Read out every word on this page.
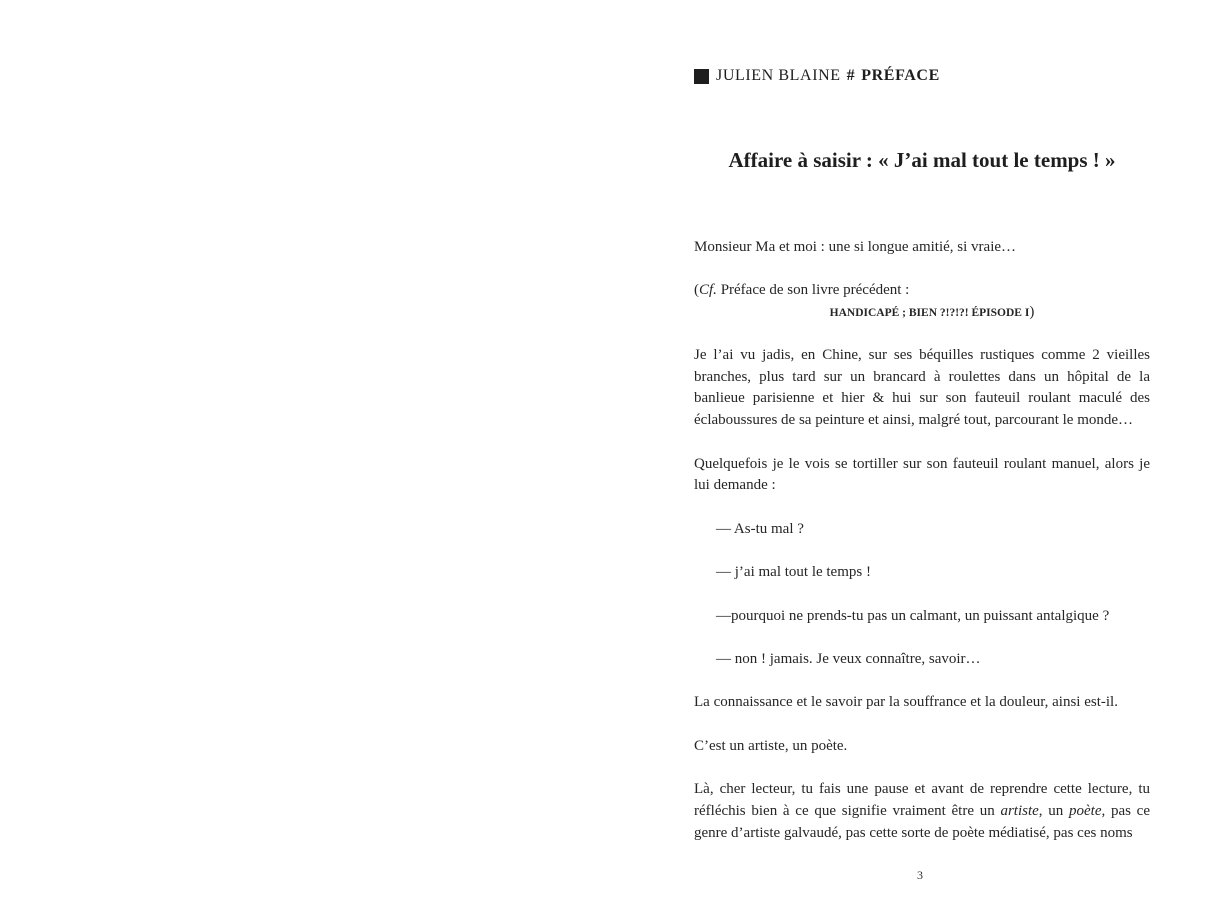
JULIEN BLAINE # PRÉFACE
Affaire à saisir : « J’ai mal tout le temps ! »

Monsieur Ma et moi : une si longue amitié, si vraie…

(Cf. Préface de son livre précédent :
HANDICAPÉ ; BIEN ?!?!?! ÉPISODE I)

Je l’ai vu jadis, en Chine, sur ses béquilles rustiques comme 2 vieilles branches, plus tard sur un brancard à roulettes dans un hôpital de la banlieue parisienne et hier & hui sur son fauteuil roulant maculé des éclaboussures de sa peinture et ainsi, malgré tout, parcourant le monde…

Quelquefois je le vois se tortiller sur son fauteuil roulant manuel, alors je lui demande :

— As-tu mal ?

— j’ai mal tout le temps !

—pourquoi ne prends-tu pas un calmant, un puissant antalgique ?

— non ! jamais. Je veux connaître, savoir…

La connaissance et le savoir par la souffrance et la douleur, ainsi est-il.

C’est un artiste, un poète.

Là, cher lecteur, tu fais une pause et avant de reprendre cette lecture, tu réfléchis bien à ce que signifie vraiment être un artiste, un poète, pas ce genre d’artiste galvaudé, pas cette sorte de poète médiatisé, pas ces noms

3
